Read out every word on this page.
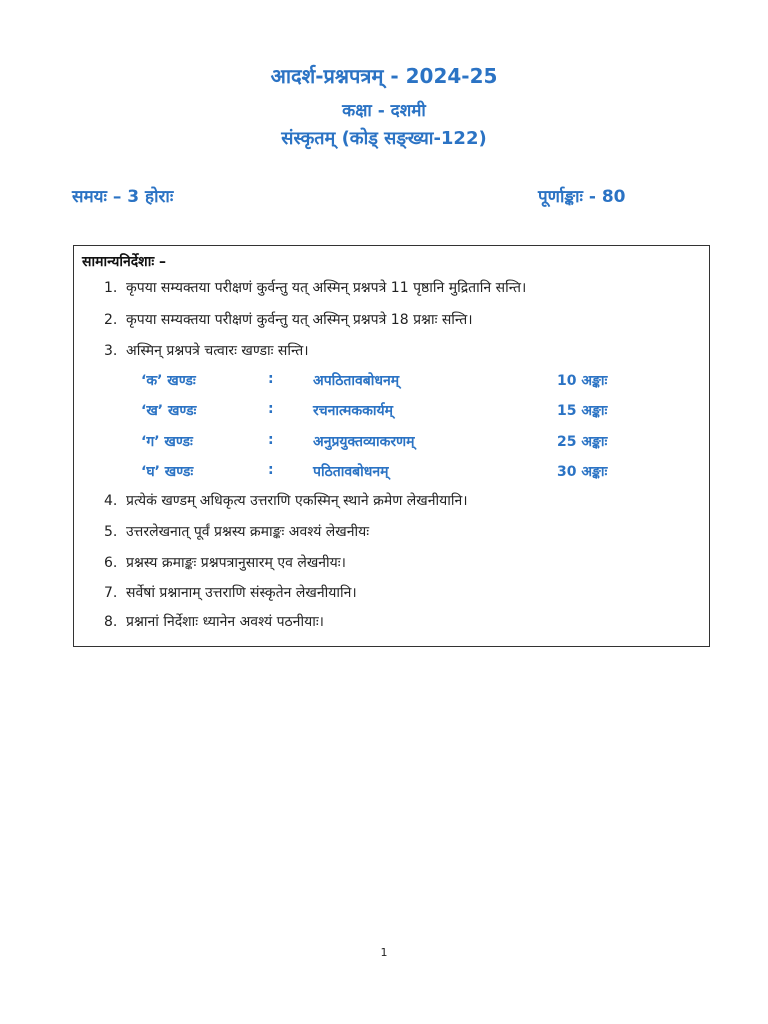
आदर्श-प्रश्नपत्रम् - 2024-25
कक्षा - दशमी
संस्कृतम् (कोड् सङ्ख्या-122)
समयः – 3 होराः	पूर्णाङ्काः - 80
सामान्यनिर्देशाः –
1. कृपया सम्यक्तया परीक्षणं कुर्वन्तु यत् अस्मिन् प्रश्नपत्रे 11 पृष्ठानि मुद्रितानि सन्ति।
2. कृपया सम्यक्तया परीक्षणं कुर्वन्तु यत् अस्मिन् प्रश्नपत्रे 18 प्रश्नाः सन्ति।
3. अस्मिन् प्रश्नपत्रे चत्वारः खण्डाः सन्ति।
‘क’ खण्डः	:	अपठितावबोधनम्	10 अङ्काः
‘ख’ खण्डः	:	रचनात्मककार्यम्	15 अङ्काः
‘ग’ खण्डः	:	अनुप्रयुक्तव्याकरणम्	25 अङ्काः
‘घ’ खण्डः	:	पठितावबोधनम्	30 अङ्काः
4. प्रत्येकं खण्डम् अधिकृत्य उत्तराणि एकस्मिन् स्थाने क्रमेण लेखनीयानि।
5. उत्तरलेखनात् पूर्वं प्रश्नस्य क्रमाङ्कः अवश्यं लेखनीयः
6. प्रश्नस्य क्रमाङ्कः प्रश्नपत्रानुसारम् एव लेखनीयः।
7. सर्वेषां प्रश्नानाम् उत्तराणि संस्कृतेन लेखनीयानि।
8. प्रश्नानां निर्देशाः ध्यानेन अवश्यं पठनीयाः।
1
